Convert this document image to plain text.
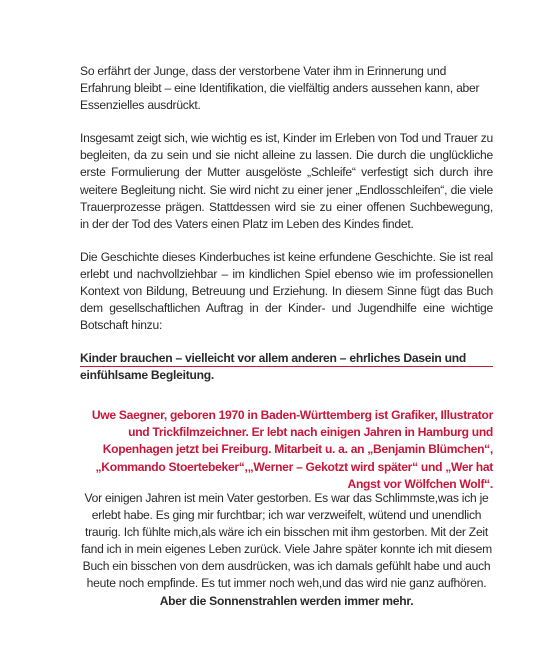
So erfährt der Junge, dass der verstorbene Vater ihm in Erinnerung und Erfahrung bleibt – eine Identifikation, die vielfältig anders aussehen kann, aber Essenzielles ausdrückt.

Insgesamt zeigt sich, wie wichtig es ist, Kinder im Erleben von Tod und Trauer zu begleiten, da zu sein und sie nicht alleine zu lassen. Die durch die unglückliche erste Formulierung der Mutter ausgelöste „Schleife“ verfestigt sich durch ihre weitere Begleitung nicht. Sie wird nicht zu einer jener „Endlosschleifen“, die viele Trauerprozesse prägen. Stattdessen wird sie zu einer offenen Suchbewegung, in der der Tod des Vaters einen Platz im Leben des Kindes findet.

Die Geschichte dieses Kinderbuches ist keine erfundene Geschichte. Sie ist real erlebt und nachvollziehbar – im kindlichen Spiel ebenso wie im professionellen Kontext von Bildung, Betreuung und Erziehung. In diesem Sinne fügt das Buch dem gesellschaftlichen Auftrag in der Kinder- und Jugendhilfe eine wichtige Botschaft hinzu:

Kinder brauchen – vielleicht vor allem anderen – ehrliches Dasein und einfühlsame Begleitung.

Uwe Saegner, geboren 1970 in Baden-Württemberg ist Grafiker, Illustrator und Trickfilmzeichner. Er lebt nach einigen Jahren in Hamburg und Kopenhagen jetzt bei Freiburg. Mitarbeit u. a. an „Benjamin Blümchen“,„Kommando Stoertebeker“,„Werner – Gekotzt wird später“ und „Wer hat Angst vor Wölfchen Wolf“.
Vor einigen Jahren ist mein Vater gestorben. Es war das Schlimmste,was ich je erlebt habe. Es ging mir furchtbar; ich war verzweifelt, wütend und unendlich traurig. Ich fühlte mich,als wäre ich ein bisschen mit ihm gestorben. Mit der Zeit fand ich in mein eigenes Leben zurück. Viele Jahre später konnte ich mit diesem Buch ein bisschen von dem ausdrücken, was ich damals gefühlt habe und auch heute noch empfinde. Es tut immer noch weh,und das wird nie ganz aufhören. Aber die Sonnenstrahlen werden immer mehr.
